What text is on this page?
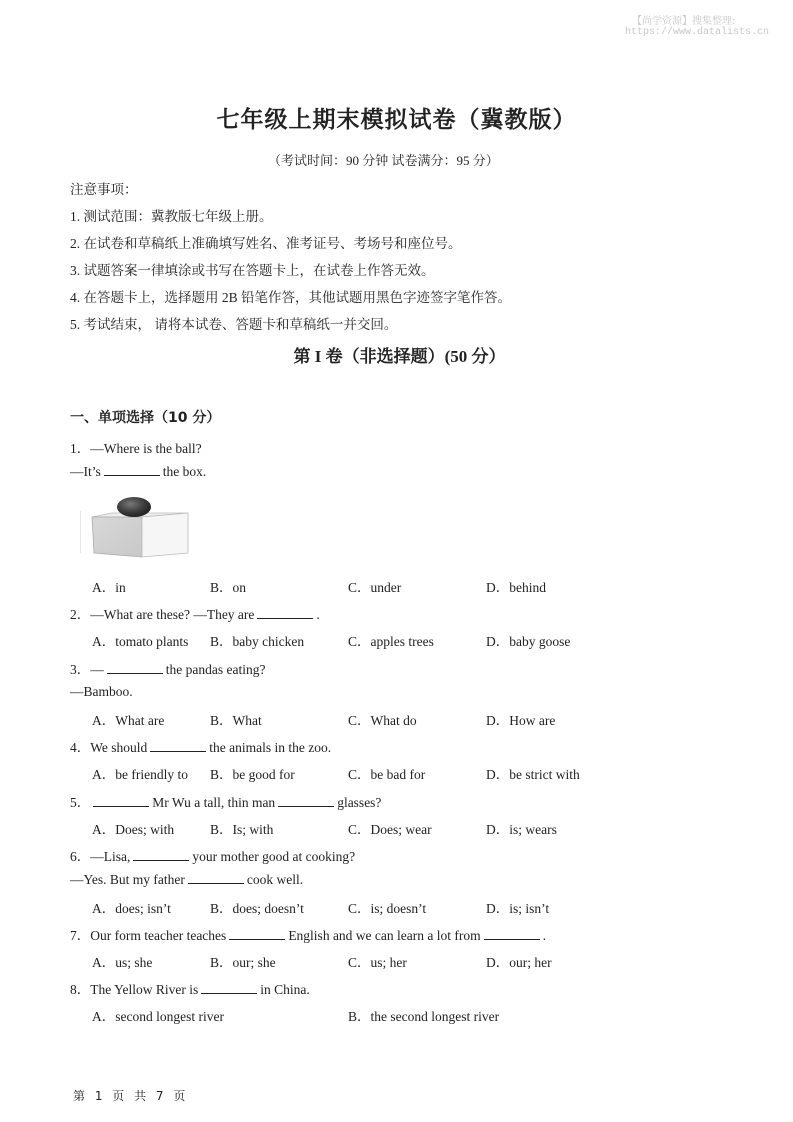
【尚学资源】搜集整理:
https://www.datalists.cn
七年级上期末模拟试卷（冀教版）
（考试时间：90 分钟 试卷满分：95 分）
注意事项：
1. 测试范围：冀教版七年级上册。
2. 在试卷和草稿纸上准确填写姓名、准考证号、考场号和座位号。
3. 试题答案一律填涂或书写在答题卡上，在试卷上作答无效。
4. 在答题卡上，选择题用 2B 铅笔作答，其他试题用黑色字迹签字笔作答。
5. 考试结束， 请将本试卷、答题卡和草稿纸一并交回。
第 I 卷（非选择题）(50 分）
一、单项选择（10 分）
1．—Where is the ball?
—It’s	the box.
A．in	B．on	C．under	D．behind
2．—What are these? —They are	.
A．tomato plants B．baby chicken	C．apples trees	D．baby goose
3．—	the pandas eating?
—Bamboo.
A．What are	B．What	C．What do	D．How are
4．We should	the animals in the zoo.
A．be friendly to B．be good for	C．be bad for	D．be strict with
5．	Mr Wu a tall, thin man	glasses?
A．Does; with	B．Is; with	C．Does; wear	D．is; wears
6．—Lisa,	your mother good at cooking?
—Yes. But my father	cook well.
A．does; isn’t	B．does; doesn’t	C．is; doesn’t	D．is; isn’t
7．Our form teacher teaches	English and we can learn a lot from	.
A．us; she	B．our; she	C．us; her	D．our; her
8．The Yellow River is	in China.
A．second longest river	B．the second longest river
第 1 页 共 7 页
